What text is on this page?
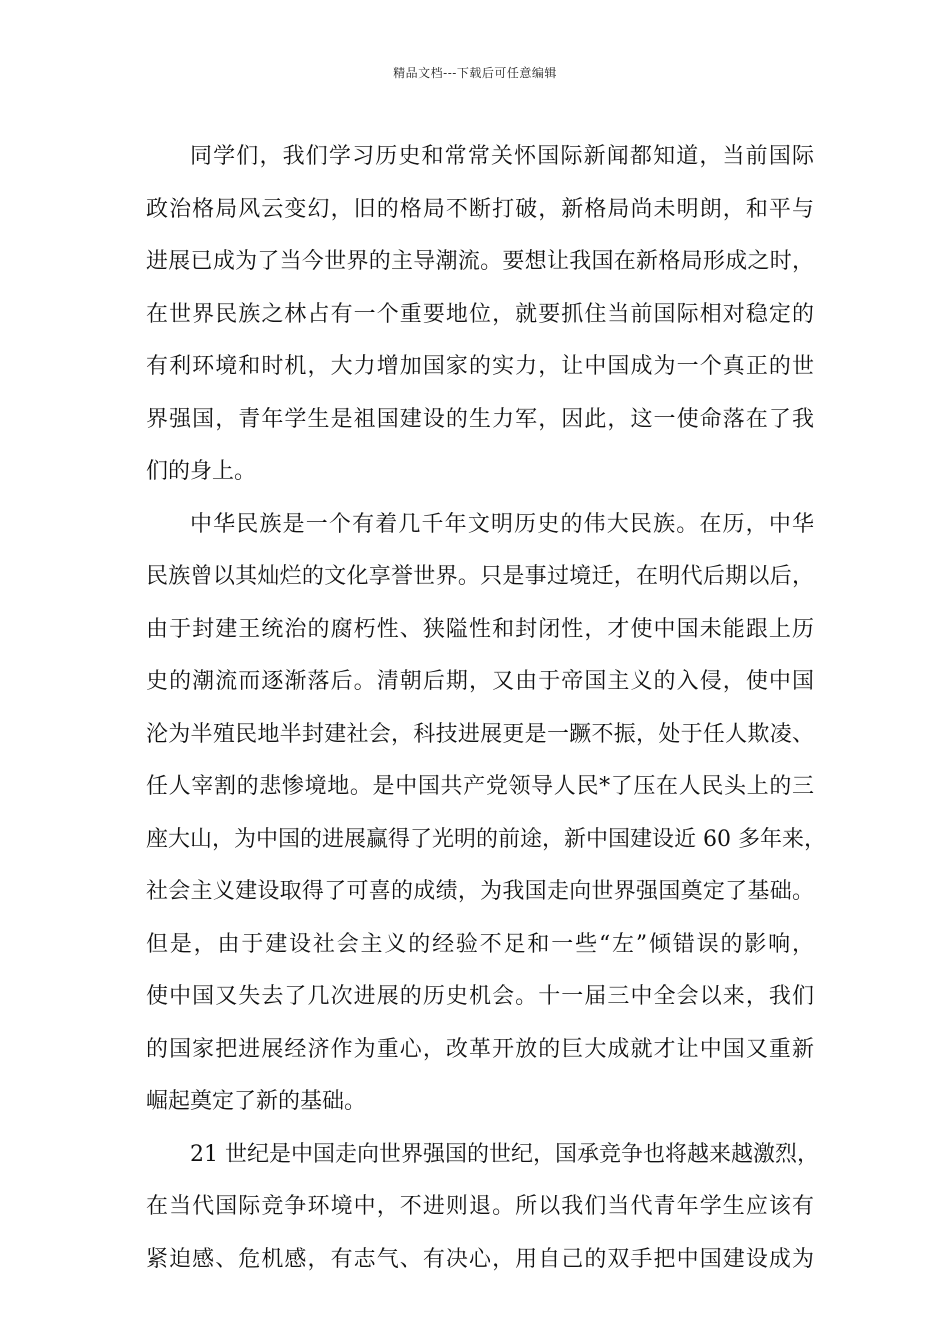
精品文档---下载后可任意编辑
同学们，我们学习历史和常常关怀国际新闻都知道，当前国际
政治格局风云变幻，旧的格局不断打破，新格局尚未明朗，和平与
进展已成为了当今世界的主导潮流。要想让我国在新格局形成之时，
在世界民族之林占有一个重要地位，就要抓住当前国际相对稳定的
有利环境和时机，大力增加国家的实力，让中国成为一个真正的世
界强国，青年学生是祖国建设的生力军，因此，这一使命落在了我
们的身上。
中华民族是一个有着几千年文明历史的伟大民族。在历，中华
民族曾以其灿烂的文化享誉世界。只是事过境迁，在明代后期以后，
由于封建王统治的腐朽性、狭隘性和封闭性，才使中国未能跟上历
史的潮流而逐渐落后。清朝后期，又由于帝国主义的入侵，使中国
沦为半殖民地半封建社会，科技进展更是一蹶不振，处于任人欺凌、
任人宰割的悲惨境地。是中国共产党领导人民*了压在人民头上的三
座大山，为中国的进展赢得了光明的前途，新中国建设近 60 多年来，
社会主义建设取得了可喜的成绩，为我国走向世界强国奠定了基础。
但是，由于建设社会主义的经验不足和一些“左”倾错误的影响，
使中国又失去了几次进展的历史机会。十一届三中全会以来，我们
的国家把进展经济作为重心，改革开放的巨大成就才让中国又重新
崛起奠定了新的基础。
21 世纪是中国走向世界强国的世纪，国承竞争也将越来越激烈，
在当代国际竞争环境中，不进则退。所以我们当代青年学生应该有
紧迫感、危机感，有志气、有决心，用自己的双手把中国建设成为
